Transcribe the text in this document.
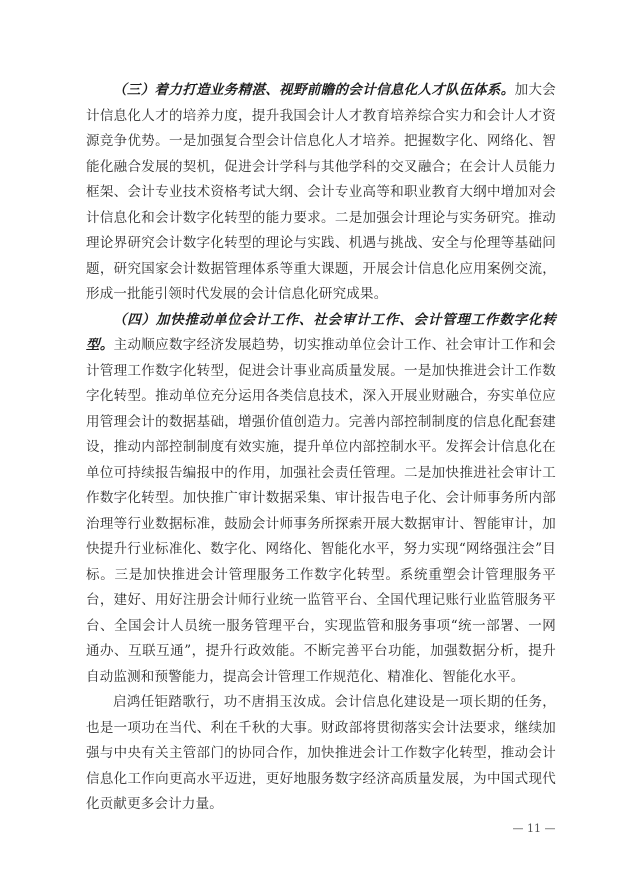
（三）着力打造业务精湛、视野前瞻的会计信息化人才队伍体系。加大会计信息化人才的培养力度，提升我国会计人才教育培养综合实力和会计人才资源竞争优势。一是加强复合型会计信息化人才培养。把握数字化、网络化、智能化融合发展的契机，促进会计学科与其他学科的交叉融合；在会计人员能力框架、会计专业技术资格考试大纲、会计专业高等和职业教育大纲中增加对会计信息化和会计数字化转型的能力要求。二是加强会计理论与实务研究。推动理论界研究会计数字化转型的理论与实践、机遇与挑战、安全与伦理等基础问题，研究国家会计数据管理体系等重大课题，开展会计信息化应用案例交流，形成一批能引领时代发展的会计信息化研究成果。

（四）加快推动单位会计工作、社会审计工作、会计管理工作数字化转型。主动顺应数字经济发展趋势，切实推动单位会计工作、社会审计工作和会计管理工作数字化转型，促进会计事业高质量发展。一是加快推进会计工作数字化转型。推动单位充分运用各类信息技术，深入开展业财融合，夯实单位应用管理会计的数据基础，增强价值创造力。完善内部控制制度的信息化配套建设，推动内部控制制度有效实施，提升单位内部控制水平。发挥会计信息化在单位可持续报告编报中的作用，加强社会责任管理。二是加快推进社会审计工作数字化转型。加快推广审计数据采集、审计报告电子化、会计师事务所内部治理等行业数据标准，鼓励会计师事务所探索开展大数据审计、智能审计，加快提升行业标准化、数字化、网络化、智能化水平，努力实现“网络强注会”目标。三是加快推进会计管理服务工作数字化转型。系统重塑会计管理服务平台，建好、用好注册会计师行业统一监管平台、全国代理记账行业监管服务平台、全国会计人员统一服务管理平台，实现监管和服务事项“统一部署、一网通办、互联互通”，提升行政效能。不断完善平台功能，加强数据分析，提升自动监测和预警能力，提高会计管理工作规范化、精准化、智能化水平。

启鸿任钜踏歌行，功不唐捐玉汝成。会计信息化建设是一项长期的任务，也是一项功在当代、利在千秋的大事。财政部将贯彻落实会计法要求，继续加强与中央有关主管部门的协同合作，加快推进会计工作数字化转型，推动会计信息化工作向更高水平迈进，更好地服务数字经济高质量发展，为中国式现代化贡献更多会计力量。

— 11 —
